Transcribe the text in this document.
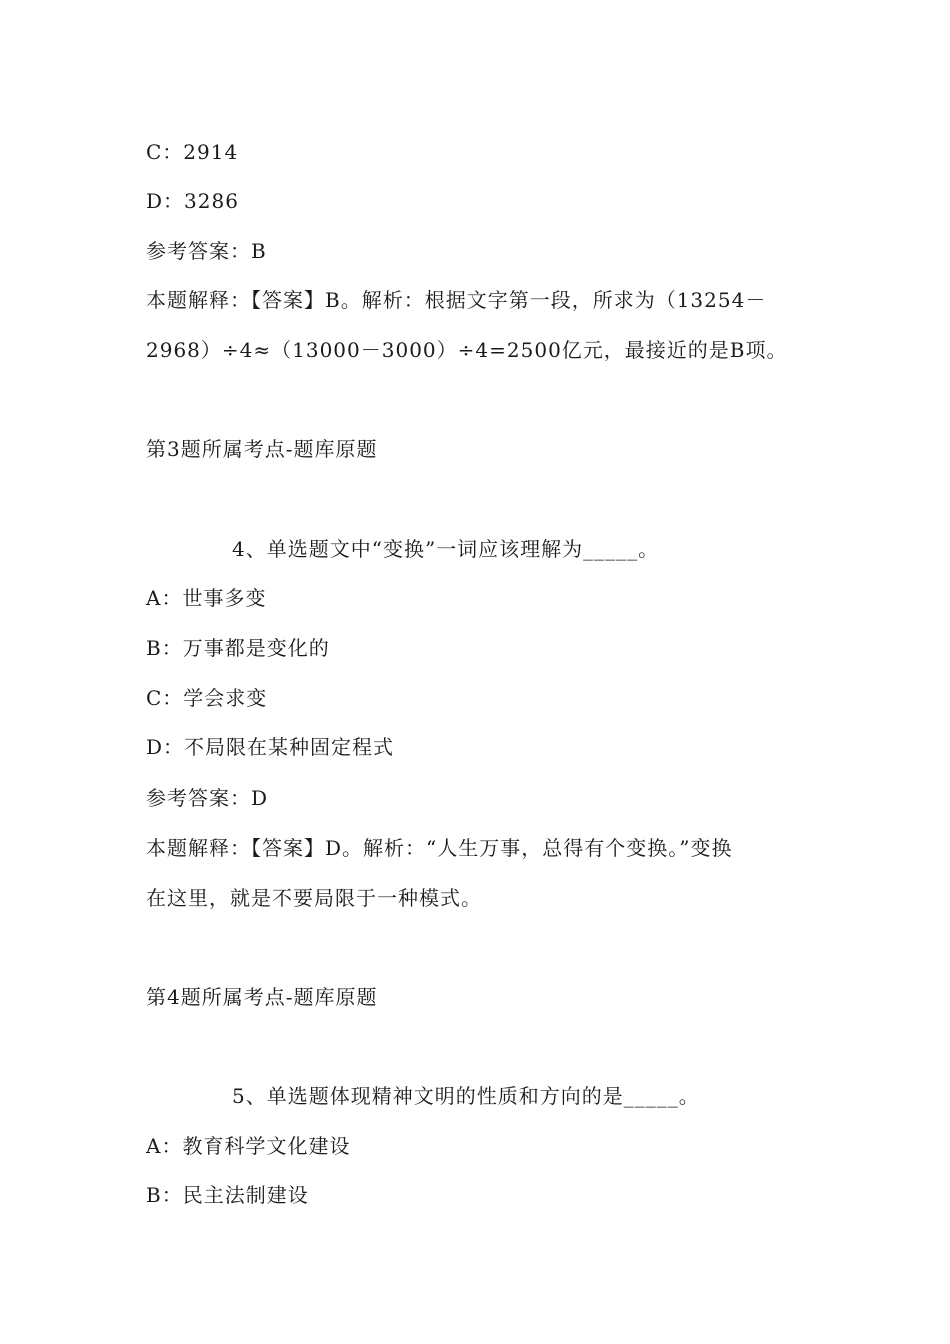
C：2914
D：3286
参考答案：B
本题解释：【答案】B。解析：根据文字第一段，所求为（13254－
2968）÷4≈（13000－3000）÷4=2500亿元，最接近的是B项。
第3题所属考点-题库原题
4、单选题文中“变换”一词应该理解为_____。
A：世事多变
B：万事都是变化的
C：学会求变
D：不局限在某种固定程式
参考答案：D
本题解释：【答案】D。解析：“人生万事，总得有个变换。”变换
在这里，就是不要局限于一种模式。
第4题所属考点-题库原题
5、单选题体现精神文明的性质和方向的是_____。
A：教育科学文化建设
B：民主法制建设
